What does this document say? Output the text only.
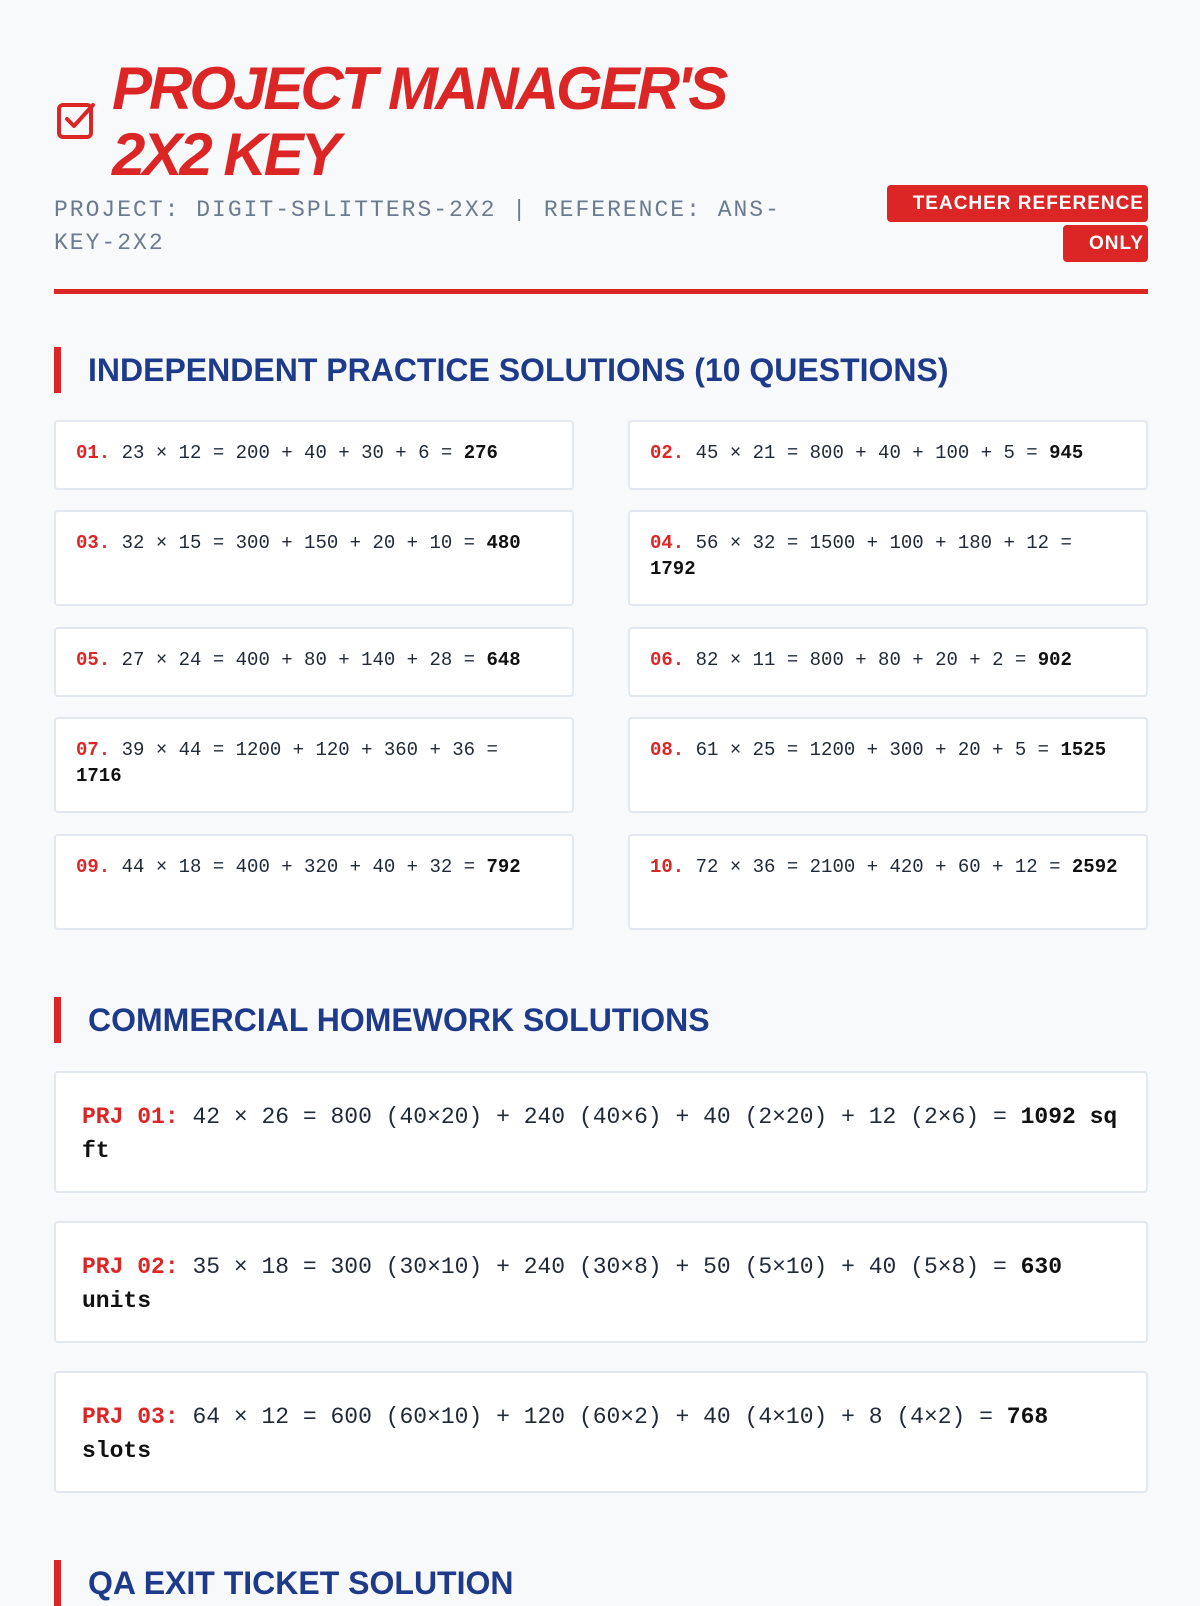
PROJECT MANAGER'S 2X2 KEY
PROJECT: DIGIT-SPLITTERS-2X2 | REFERENCE: ANS-KEY-2X2
TEACHER REFERENCE ONLY
INDEPENDENT PRACTICE SOLUTIONS (10 QUESTIONS)
01. 23 × 12 = 200 + 40 + 30 + 6 = 276	02. 45 × 21 = 800 + 40 + 100 + 5 = 945
03. 32 × 15 = 300 + 150 + 20 + 10 = 480	04. 56 × 32 = 1500 + 100 + 180 + 12 = 1792
05. 27 × 24 = 400 + 80 + 140 + 28 = 648	06. 82 × 11 = 800 + 80 + 20 + 2 = 902
07. 39 × 44 = 1200 + 120 + 360 + 36 = 1716
08. 61 × 25 = 1200 + 300 + 20 + 5 = 1525
09. 44 × 18 = 400 + 320 + 40 + 32 = 792	10. 72 × 36 = 2100 + 420 + 60 + 12 = 2592
COMMERCIAL HOMEWORK SOLUTIONS
PRJ 01: 42 × 26 = 800 (40×20) + 240 (40×6) + 40 (2×20) + 12 (2×6) = 1092 sq ft
PRJ 02: 35 × 18 = 300 (30×10) + 240 (30×8) + 50 (5×10) + 40 (5×8) = 630 units
PRJ 03: 64 × 12 = 600 (60×10) + 120 (60×2) + 40 (4×10) + 8 (4×2) = 768 slots
QA EXIT TICKET SOLUTION
